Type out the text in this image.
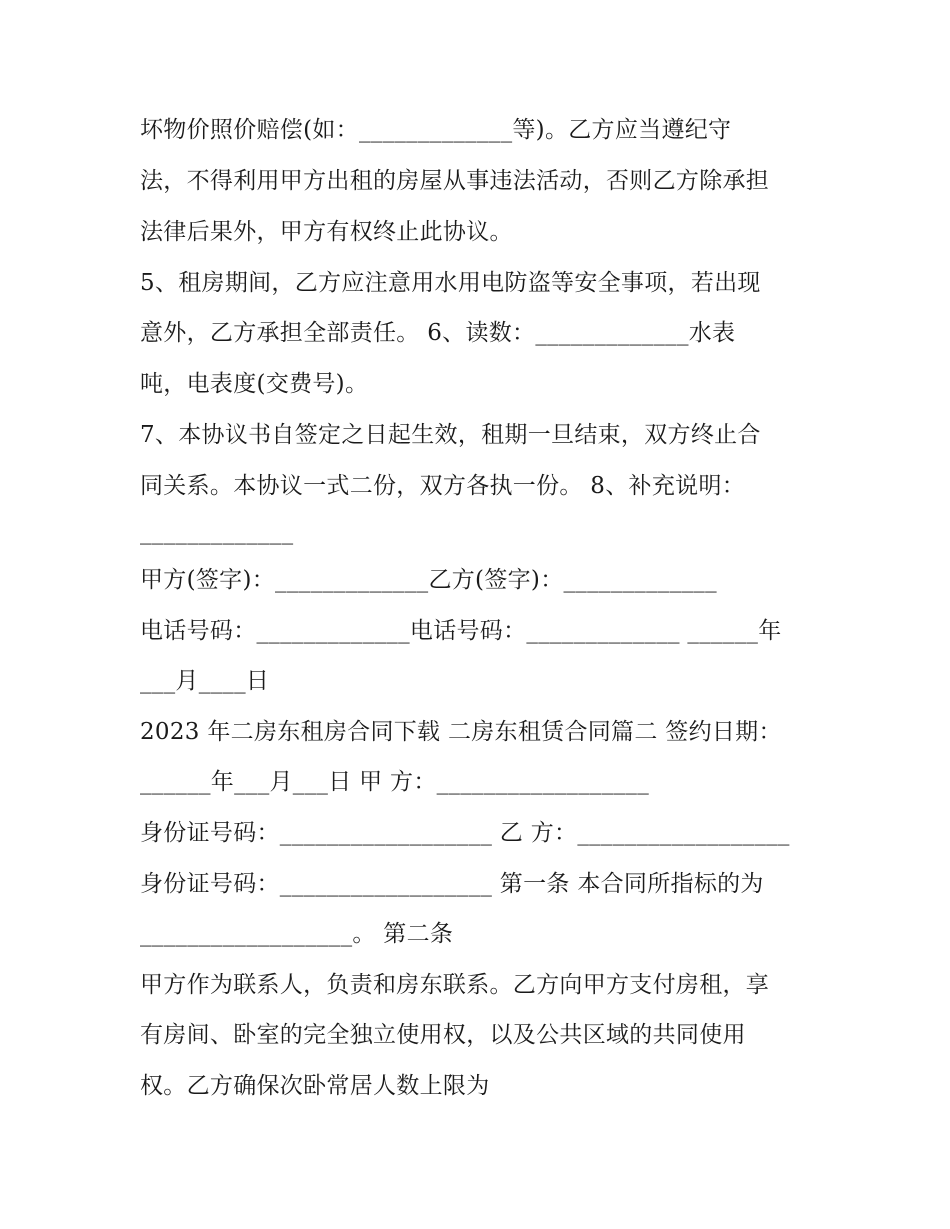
坏物价照价赔偿(如：_____________等)。乙方应当遵纪守
法，不得利用甲方出租的房屋从事违法活动，否则乙方除承担
法律后果外，甲方有权终止此协议。
5、租房期间，乙方应注意用水用电防盗等安全事项，若出现
意外，乙方承担全部责任。 6、读数：_____________水表
吨，电表度(交费号)。
7、本协议书自签定之日起生效，租期一旦结束，双方终止合
同关系。本协议一式二份，双方各执一份。 8、补充说明：
_____________
甲方(签字)：_____________乙方(签字)：_____________
电话号码：_____________电话号码：_____________ ______年
___月____日
2023 年二房东租房合同下载 二房东租赁合同篇二 签约日期：
______年___月___日 甲 方：__________________
身份证号码：__________________ 乙 方：__________________
身份证号码：__________________ 第一条 本合同所指标的为
__________________。 第二条
甲方作为联系人，负责和房东联系。乙方向甲方支付房租，享
有房间、卧室的完全独立使用权，以及公共区域的共同使用
权。乙方确保次卧常居人数上限为
